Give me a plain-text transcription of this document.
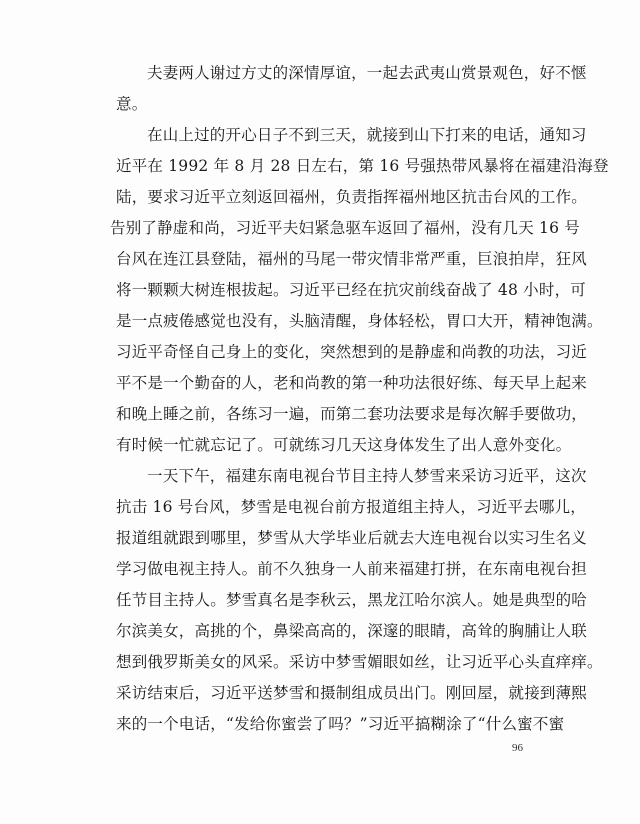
夫妻两人谢过方丈的深情厚谊，一起去武夷山赏景观色，好不惬
意。
在山上过的开心日子不到三天，就接到山下打来的电话，通知习
近平在 1992 年 8 月 28 日左右，第 16 号强热带风暴将在福建沿海登
陆，要求习近平立刻返回福州，负责指挥福州地区抗击台风的工作。
告别了静虚和尚，习近平夫妇紧急驱车返回了福州，没有几天 16 号
台风在连江县登陆，福州的马尾一带灾情非常严重，巨浪拍岸，狂风
将一颗颗大树连根拔起。习近平已经在抗灾前线奋战了 48 小时，可
是一点疲倦感觉也没有，头脑清醒，身体轻松，胃口大开，精神饱满。
习近平奇怪自己身上的变化，突然想到的是静虚和尚教的功法，习近
平不是一个勤奋的人，老和尚教的第一种功法很好练、每天早上起来
和晚上睡之前，各练习一遍，而第二套功法要求是每次解手要做功，
有时候一忙就忘记了。可就练习几天这身体发生了出人意外变化。
一天下午，福建东南电视台节目主持人梦雪来采访习近平，这次
抗击 16 号台风，梦雪是电视台前方报道组主持人，习近平去哪儿，
报道组就跟到哪里，梦雪从大学毕业后就去大连电视台以实习生名义
学习做电视主持人。前不久独身一人前来福建打拼，在东南电视台担
任节目主持人。梦雪真名是李秋云，黑龙江哈尔滨人。她是典型的哈
尔滨美女，高挑的个，鼻梁高高的，深邃的眼睛，高耸的胸脯让人联
想到俄罗斯美女的风采。采访中梦雪媚眼如丝，让习近平心头直痒痒。
采访结束后，习近平送梦雪和摄制组成员出门。刚回屋，就接到薄熙
来的一个电话，“发给你蜜尝了吗？”习近平搞糊涂了“什么蜜不蜜
96
